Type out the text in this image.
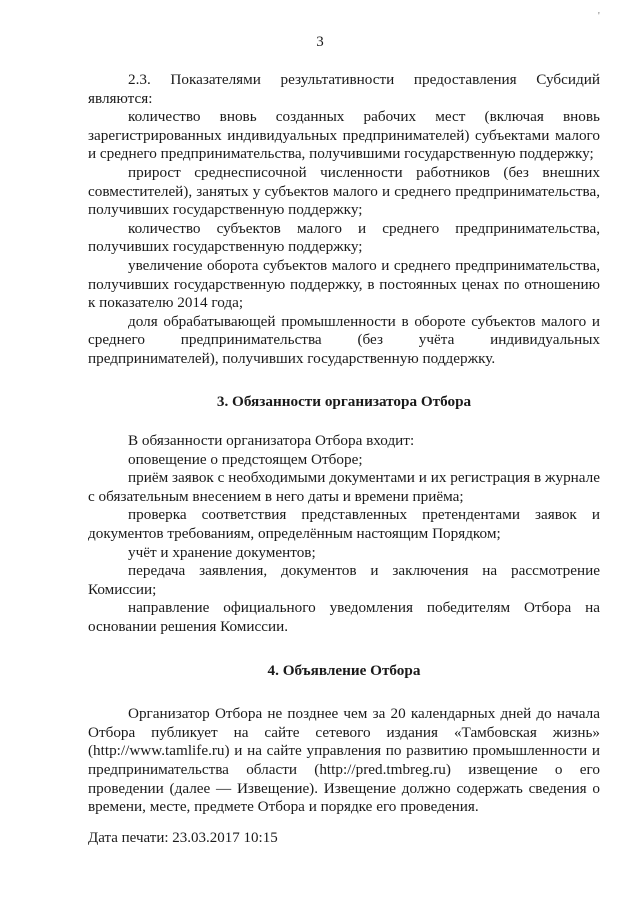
'
3

2.3. Показателями результативности предоставления Субсидий являются:

количество вновь созданных рабочих мест (включая вновь зарегистрированных индивидуальных предпринимателей) субъектами малого и среднего предпринимательства, получившими государственную поддержку;

прирост среднесписочной численности работников (без внешних совместителей), занятых у субъектов малого и среднего предпринимательства, получивших государственную поддержку;

количество субъектов малого и среднего предпринимательства, получивших государственную поддержку;

увеличение оборота субъектов малого и среднего предпринимательства, получивших государственную поддержку, в постоянных ценах по отношению к показателю 2014 года;

доля обрабатывающей промышленности в обороте субъектов малого и среднего предпринимательства (без учёта индивидуальных предпринимателей), получивших государственную поддержку.

3. Обязанности организатора Отбора

В обязанности организатора Отбора входит:

оповещение о предстоящем Отборе;

приём заявок с необходимыми документами и их регистрация в журнале с обязательным внесением в него даты и времени приёма;

проверка соответствия представленных претендентами заявок и документов требованиям, определённым настоящим Порядком;

учёт и хранение документов;

передача заявления, документов и заключения на рассмотрение Комиссии;

направление официального уведомления победителям Отбора на основании решения Комиссии.

4. Объявление Отбора

Организатор Отбора не позднее чем за 20 календарных дней до начала Отбора публикует на сайте сетевого издания «Тамбовская жизнь» (http://www.tamlife.ru) и на сайте управления по развитию промышленности и предпринимательства области (http://pred.tmbreg.ru) извещение о его проведении (далее — Извещение). Извещение должно содержать сведения о времени, месте, предмете Отбора и порядке его проведения.

Дата печати: 23.03.2017 10:15
